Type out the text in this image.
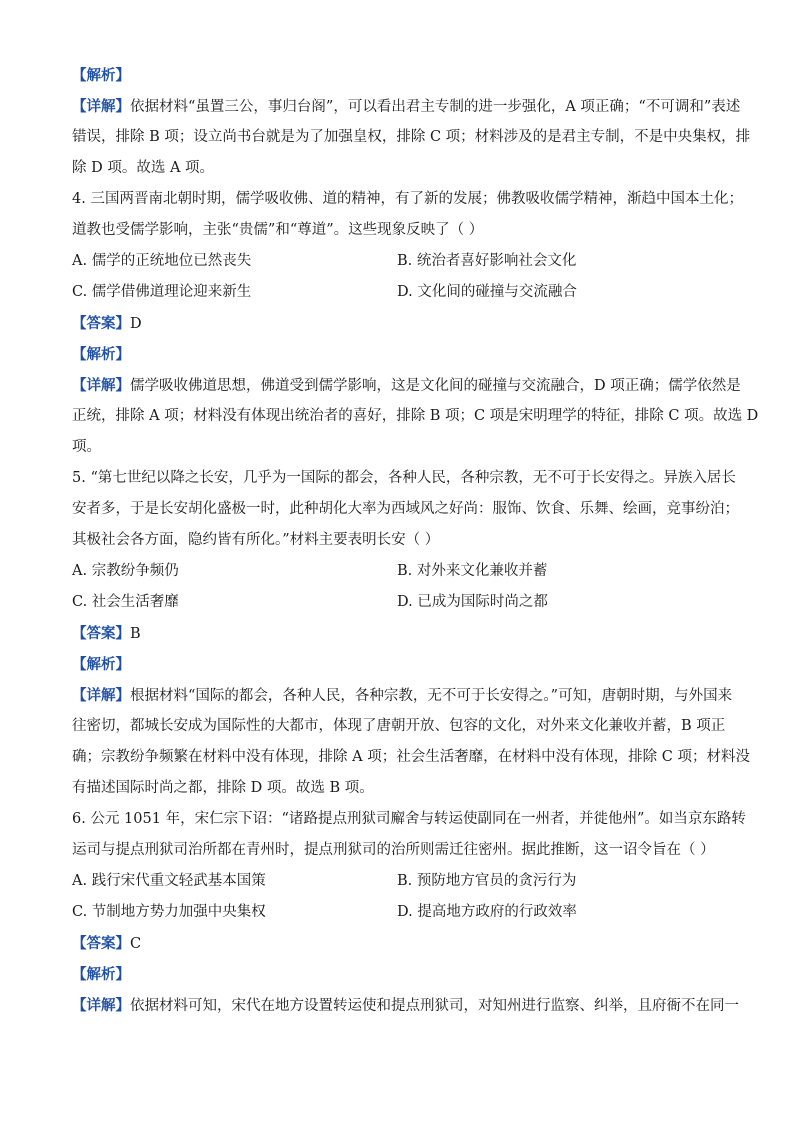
【解析】
【详解】依据材料“虽置三公，事归台阁”，可以看出君主专制的进一步强化，A 项正确；“不可调和”表述
错误，排除 B 项；设立尚书台就是为了加强皇权，排除 C 项；材料涉及的是君主专制，不是中央集权，排
除 D 项。故选 A 项。
4. 三国两晋南北朝时期，儒学吸收佛、道的精神，有了新的发展；佛教吸收儒学精神，渐趋中国本土化；
道教也受儒学影响，主张“贵儒”和“尊道”。这些现象反映了（ ）
A. 儒学的正统地位已然丧失	B. 统治者喜好影响社会文化
C. 儒学借佛道理论迎来新生	D. 文化间的碰撞与交流融合
【答案】D
【解析】
【详解】儒学吸收佛道思想，佛道受到儒学影响，这是文化间的碰撞与交流融合，D 项正确；儒学依然是
正统，排除 A 项；材料没有体现出统治者的喜好，排除 B 项；C 项是宋明理学的特征，排除 C 项。故选 D
项。
5. “第七世纪以降之长安，几乎为一国际的都会，各种人民，各种宗教，无不可于长安得之。异族入居长
安者多，于是长安胡化盛极一时，此种胡化大率为西域风之好尚：服饰、饮食、乐舞、绘画，竞事纷泊；
其极社会各方面，隐约皆有所化。”材料主要表明长安（ ）
A. 宗教纷争频仍	B. 对外来文化兼收并蓄
C. 社会生活奢靡	D. 已成为国际时尚之都
【答案】B
【解析】
【详解】根据材料“国际的都会，各种人民，各种宗教，无不可于长安得之。”可知，唐朝时期，与外国来
往密切，都城长安成为国际性的大都市，体现了唐朝开放、包容的文化，对外来文化兼收并蓄，B 项正
确；宗教纷争频繁在材料中没有体现，排除 A 项；社会生活奢靡，在材料中没有体现，排除 C 项；材料没
有描述国际时尚之都，排除 D 项。故选 B 项。
6. 公元 1051 年，宋仁宗下诏：“诸路提点刑狱司廨舍与转运使副同在一州者，并徙他州”。如当京东路转
运司与提点刑狱司治所都在青州时，提点刑狱司的治所则需迁往密州。据此推断，这一诏令旨在（ ）
A. 践行宋代重文轻武基本国策	B. 预防地方官员的贪污行为
C. 节制地方势力加强中央集权	D. 提高地方政府的行政效率
【答案】C
【解析】
【详解】依据材料可知，宋代在地方设置转运使和提点刑狱司，对知州进行监察、纠举，且府衙不在同一
